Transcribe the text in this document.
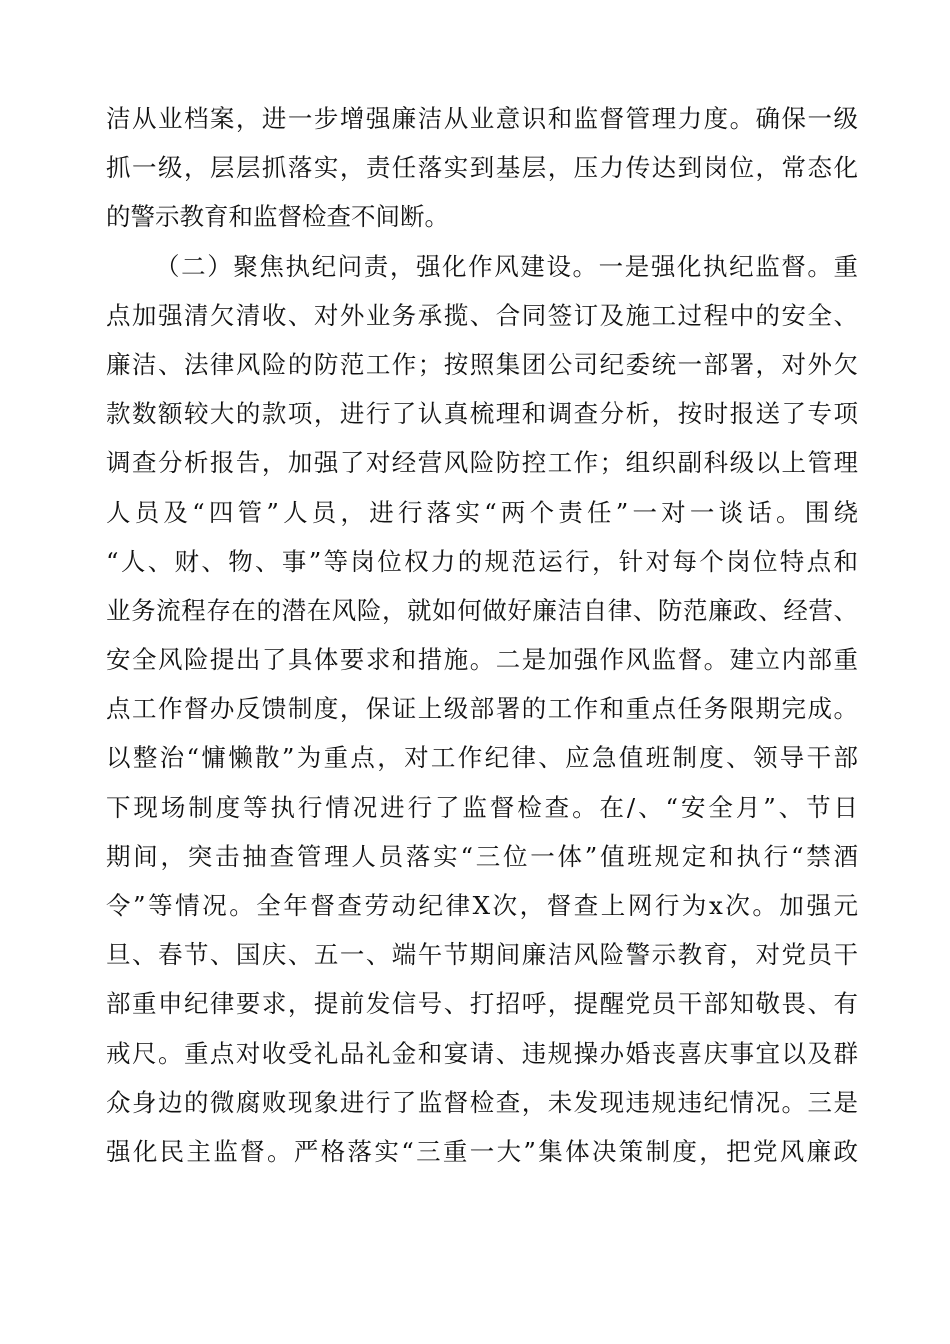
洁从业档案，进一步增强廉洁从业意识和监督管理力度。确保一级
抓一级，层层抓落实，责任落实到基层，压力传达到岗位，常态化
的警示教育和监督检查不间断。
（二）聚焦执纪问责，强化作风建设。一是强化执纪监督。重
点加强清欠清收、对外业务承揽、合同签订及施工过程中的安全、
廉洁、法律风险的防范工作；按照集团公司纪委统一部署，对外欠
款数额较大的款项，进行了认真梳理和调查分析，按时报送了专项
调查分析报告，加强了对经营风险防控工作；组织副科级以上管理
人员及“四管”人员，进行落实“两个责任”一对一谈话。围绕
“人、财、物、事”等岗位权力的规范运行，针对每个岗位特点和
业务流程存在的潜在风险，就如何做好廉洁自律、防范廉政、经营、
安全风险提出了具体要求和措施。二是加强作风监督。建立内部重
点工作督办反馈制度，保证上级部署的工作和重点任务限期完成。
以整治“慵懒散”为重点，对工作纪律、应急值班制度、领导干部
下现场制度等执行情况进行了监督检查。在/、“安全月”、节日
期间，突击抽查管理人员落实“三位一体”值班规定和执行“禁酒
令”等情况。全年督查劳动纪律X次，督查上网行为x次。加强元
旦、春节、国庆、五一、端午节期间廉洁风险警示教育，对党员干
部重申纪律要求，提前发信号、打招呼，提醒党员干部知敬畏、有
戒尺。重点对收受礼品礼金和宴请、违规操办婚丧喜庆事宜以及群
众身边的微腐败现象进行了监督检查，未发现违规违纪情况。三是
强化民主监督。严格落实“三重一大”集体决策制度，把党风廉政
